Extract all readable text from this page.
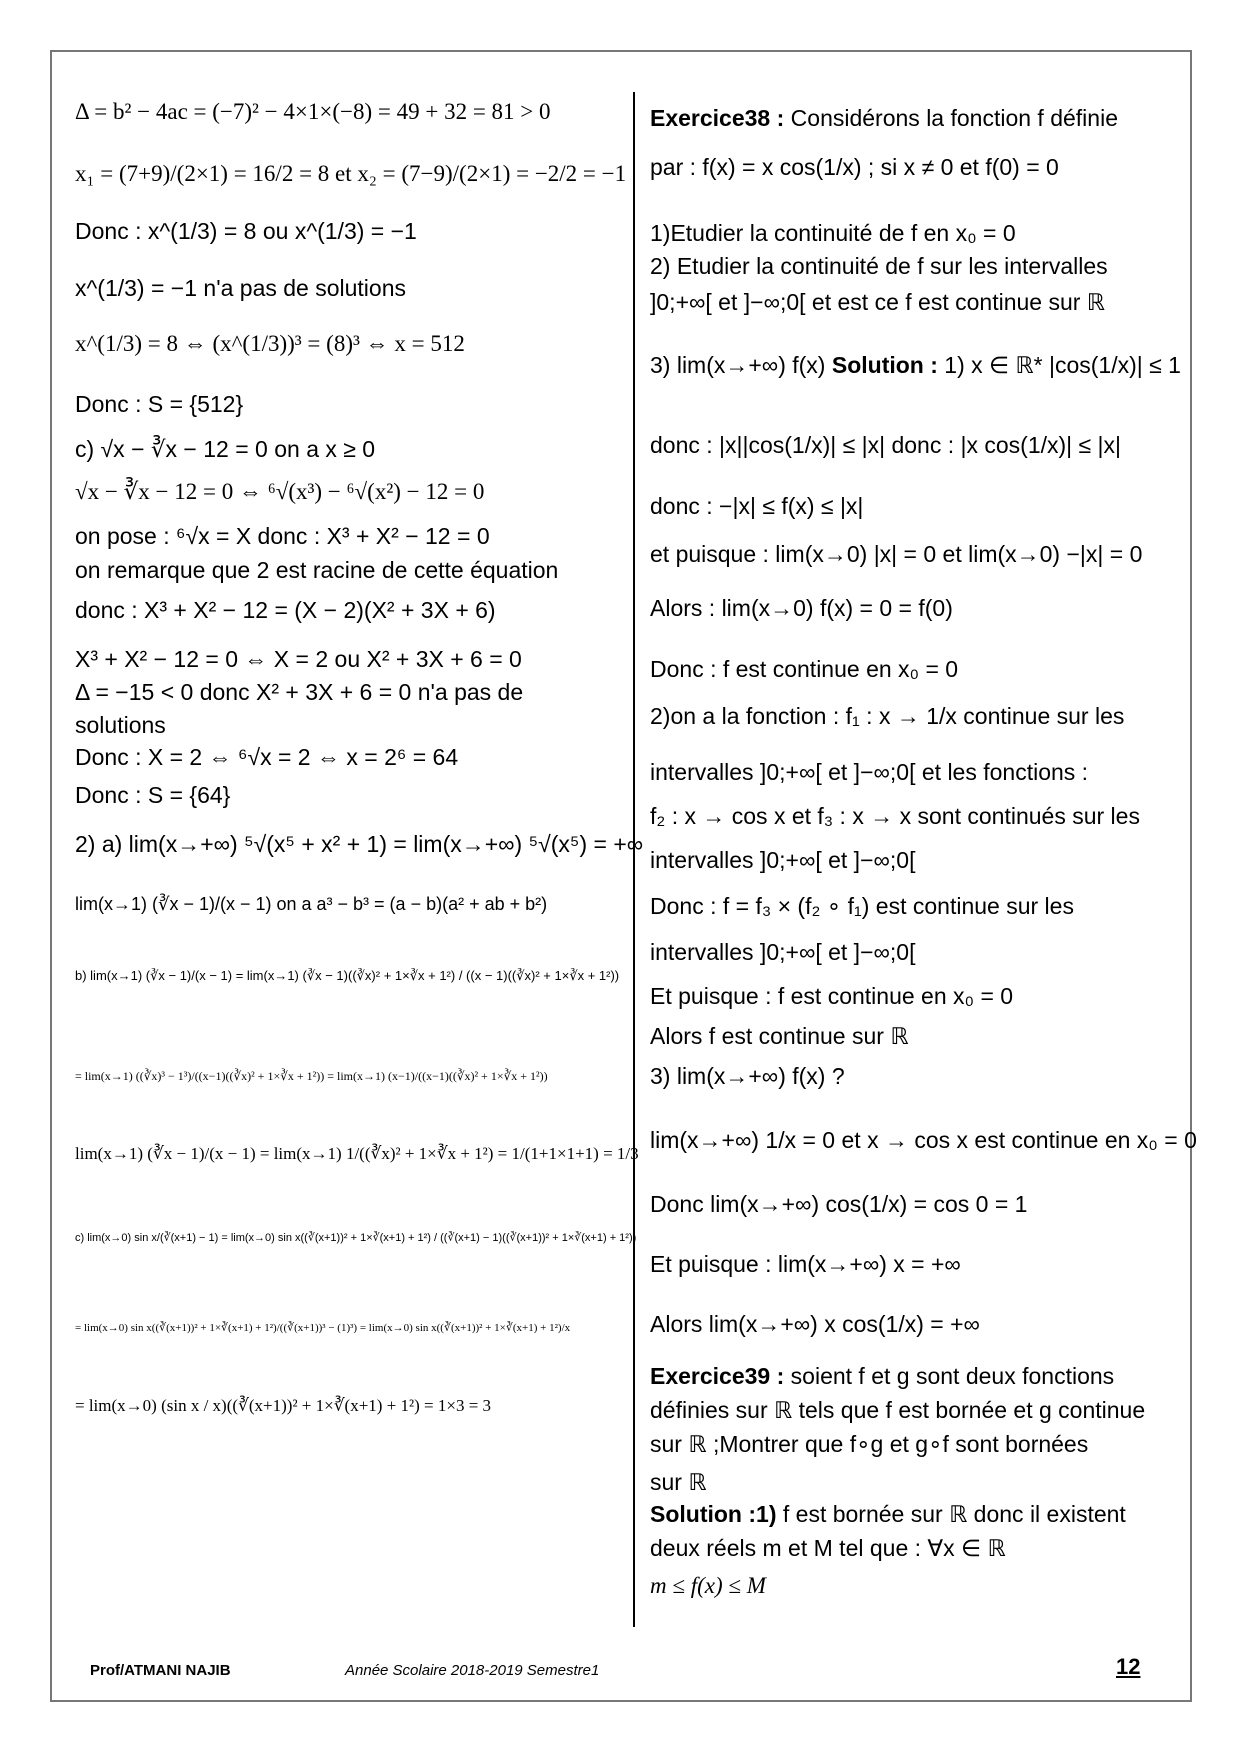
Δ = b² − 4ac = (−7)² − 4×1×(−8) = 49 + 32 = 81 > 0
x₁ = (7+9)/(2×1) = 16/2 = 8 et x₂ = (7−9)/(2×1) = −2/2 = −1
Donc : x^(1/3) = 8 ou x^(1/3) = −1
x^(1/3) = −1 n'a pas de solutions
x^(1/3) = 8 ⇔ (x^(1/3))³ = (8)³ ⇔ x = 512
Donc : S = {512}
c) √x − ∛x − 12 = 0 on a x ≥ 0
√x − ∛x − 12 = 0 ⇔ ⁶√(x³) − ⁶√(x²) − 12 = 0
on pose : ⁶√x = X donc : X³ + X² − 12 = 0
on remarque que 2 est racine de cette équation
donc : X³ + X² − 12 = (X − 2)(X² + 3X + 6)
X³ + X² − 12 = 0 ⇔ X = 2 ou X² + 3X + 6 = 0
Δ = −15 < 0 donc X² + 3X + 6 = 0 n'a pas de
solutions
Donc : X = 2 ⇔ ⁶√x = 2 ⇔ x = 2⁶ = 64
Donc : S = {64}
2) a) lim(x→+∞) ⁵√(x⁵ + x² + 1) = lim(x→+∞) ⁵√(x⁵) = +∞
lim(x→1) (∛x − 1)/(x − 1) on a a³ − b³ = (a − b)(a² + ab + b²)
b) lim(x→1) (∛x − 1)/(x − 1) = lim(x→1) (∛x − 1)((∛x)² + 1×∛x + 1²) / ((x − 1)((∛x)² + 1×∛x + 1²))
= lim(x→1) ((∛x)³ − 1³)/((x−1)((∛x)² + 1×∛x + 1²)) = lim(x→1) (x−1)/((x−1)((∛x)² + 1×∛x + 1²))
lim(x→1) (∛x − 1)/(x − 1) = lim(x→1) 1/((∛x)² + 1×∛x + 1²) = 1/(1+1×1+1) = 1/3
c) lim(x→0) sin x/(∛(x+1) − 1) = lim(x→0) sin x((∛(x+1))² + 1×∛(x+1) + 1²) / ((∛(x+1) − 1)((∛(x+1))² + 1×∛(x+1) + 1²))
= lim(x→0) sin x((∛(x+1))² + 1×∛(x+1) + 1²)/((∛(x+1))³ − (1)³) = lim(x→0) sin x((∛(x+1))² + 1×∛(x+1) + 1²)/x
= lim(x→0) (sin x / x)((∛(x+1))² + 1×∛(x+1) + 1²) = 1×3 = 3
Exercice38 : Considérons la fonction f définie
par : f(x) = x cos(1/x) ; si x ≠ 0 et f(0) = 0
1)Etudier la continuité de f en x₀ = 0
2) Etudier la continuité de f sur les intervalles
]0;+∞[ et ]−∞;0[ et est ce f est continue sur ℝ
3) lim(x→+∞) f(x) Solution : 1) x ∈ ℝ* |cos(1/x)| ≤ 1
donc : |x||cos(1/x)| ≤ |x| donc : |x cos(1/x)| ≤ |x|
donc : −|x| ≤ f(x) ≤ |x|
et puisque : lim(x→0) |x| = 0 et lim(x→0) −|x| = 0
Alors : lim(x→0) f(x) = 0 = f(0)
Donc : f est continue en x₀ = 0
2)on a la fonction : f₁ : x → 1/x continue sur les
intervalles ]0;+∞[ et ]−∞;0[ et les fonctions :
f₂ : x → cos x et f₃ : x → x sont continués sur les
intervalles ]0;+∞[ et ]−∞;0[
Donc : f = f₃ × (f₂ ∘ f₁) est continue sur les
intervalles ]0;+∞[ et ]−∞;0[
Et puisque : f est continue en x₀ = 0
Alors f est continue sur ℝ
3) lim(x→+∞) f(x) ?
lim(x→+∞) 1/x = 0 et x → cos x est continue en x₀ = 0
Donc lim(x→+∞) cos(1/x) = cos 0 = 1
Et puisque : lim(x→+∞) x = +∞
Alors lim(x→+∞) x cos(1/x) = +∞
Exercice39 : soient f et g sont deux fonctions
définies sur ℝ tels que f est bornée et g continue
sur ℝ ;Montrer que f∘g et g∘f sont bornées
sur ℝ
Solution :1) f est bornée sur ℝ donc il existent
deux réels m et M tel que : ∀x ∈ ℝ
m ≤ f(x) ≤ M
Prof/ATMANI NAJIB	Année Scolaire 2018-2019 Semestre1	12
